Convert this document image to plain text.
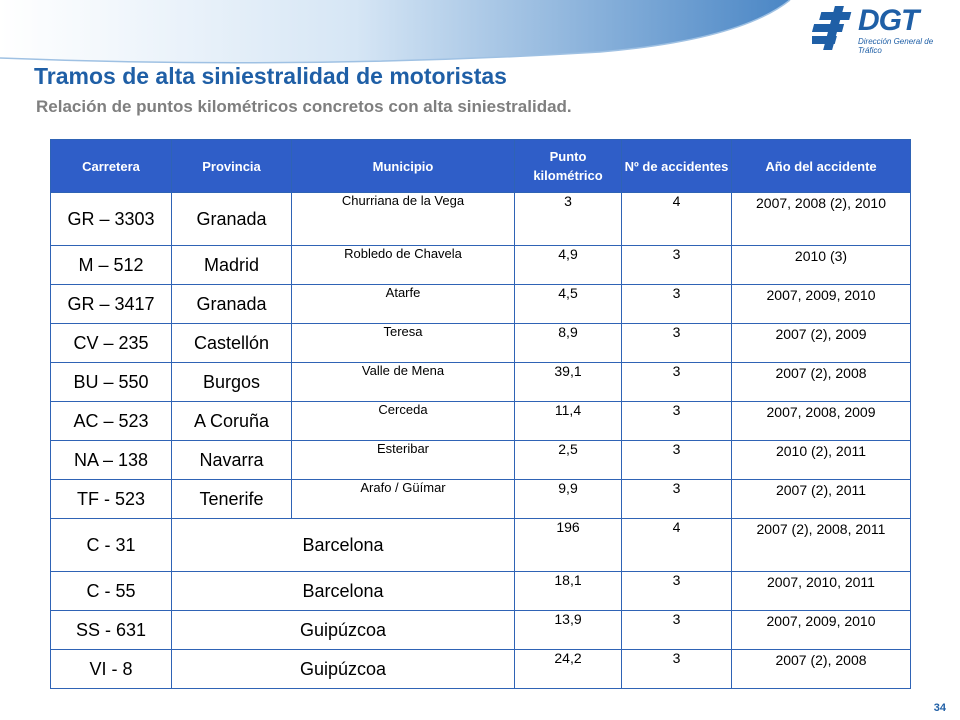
DGT
Dirección General de Tráfico
Tramos de alta siniestralidad de motoristas
Relación de puntos kilométricos concretos con alta siniestralidad.
Carretera	Provincia	Municipio	Punto kilométrico	Nº de accidentes	Año del accidente
GR – 3303	Granada	Churriana de la Vega	3	4	2007, 2008 (2), 2010
M – 512	Madrid	Robledo de Chavela	4,9	3	2010 (3)
GR – 3417	Granada	Atarfe	4,5	3	2007, 2009, 2010
CV – 235	Castellón	Teresa	8,9	3	2007 (2), 2009
BU – 550	Burgos	Valle de Mena	39,1	3	2007 (2), 2008
AC – 523	A Coruña	Cerceda	11,4	3	2007, 2008, 2009
NA – 138	Navarra	Esteribar	2,5	3	2010 (2), 2011
TF - 523	Tenerife	Arafo / Güímar	9,9	3	2007 (2), 2011
C - 31	Barcelona		196	4	2007 (2), 2008, 2011
C - 55	Barcelona		18,1	3	2007, 2010, 2011
SS - 631	Guipúzcoa		13,9	3	2007, 2009, 2010
VI - 8	Guipúzcoa		24,2	3	2007 (2), 2008
34
